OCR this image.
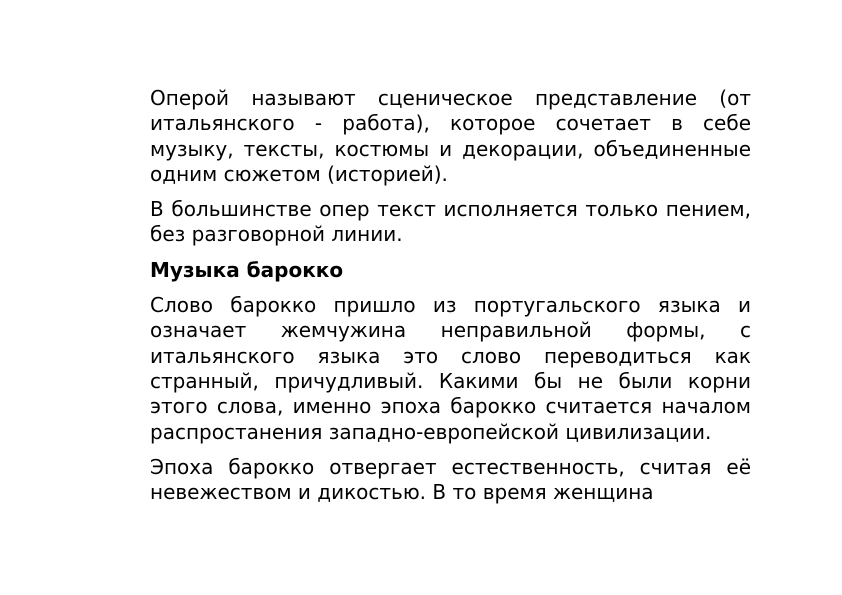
Оперой называют сценическое представление (от итальянского - работа), которое сочетает в себе музыку, тексты, костюмы и декорации, объединенные одним сюжетом (историей).

В большинстве опер текст исполняется только пением, без разговорной линии.

Музыка барокко

Слово барокко пришло из португальского языка и означает жемчужина неправильной формы, с итальянского языка это слово переводиться как странный, причудливый. Какими бы не были корни этого слова, именно эпоха барокко считается началом распростанения западно-европейской цивилизации.

Эпоха барокко отвергает естественность, считая её невежеством и дикостью. В то время женщина
